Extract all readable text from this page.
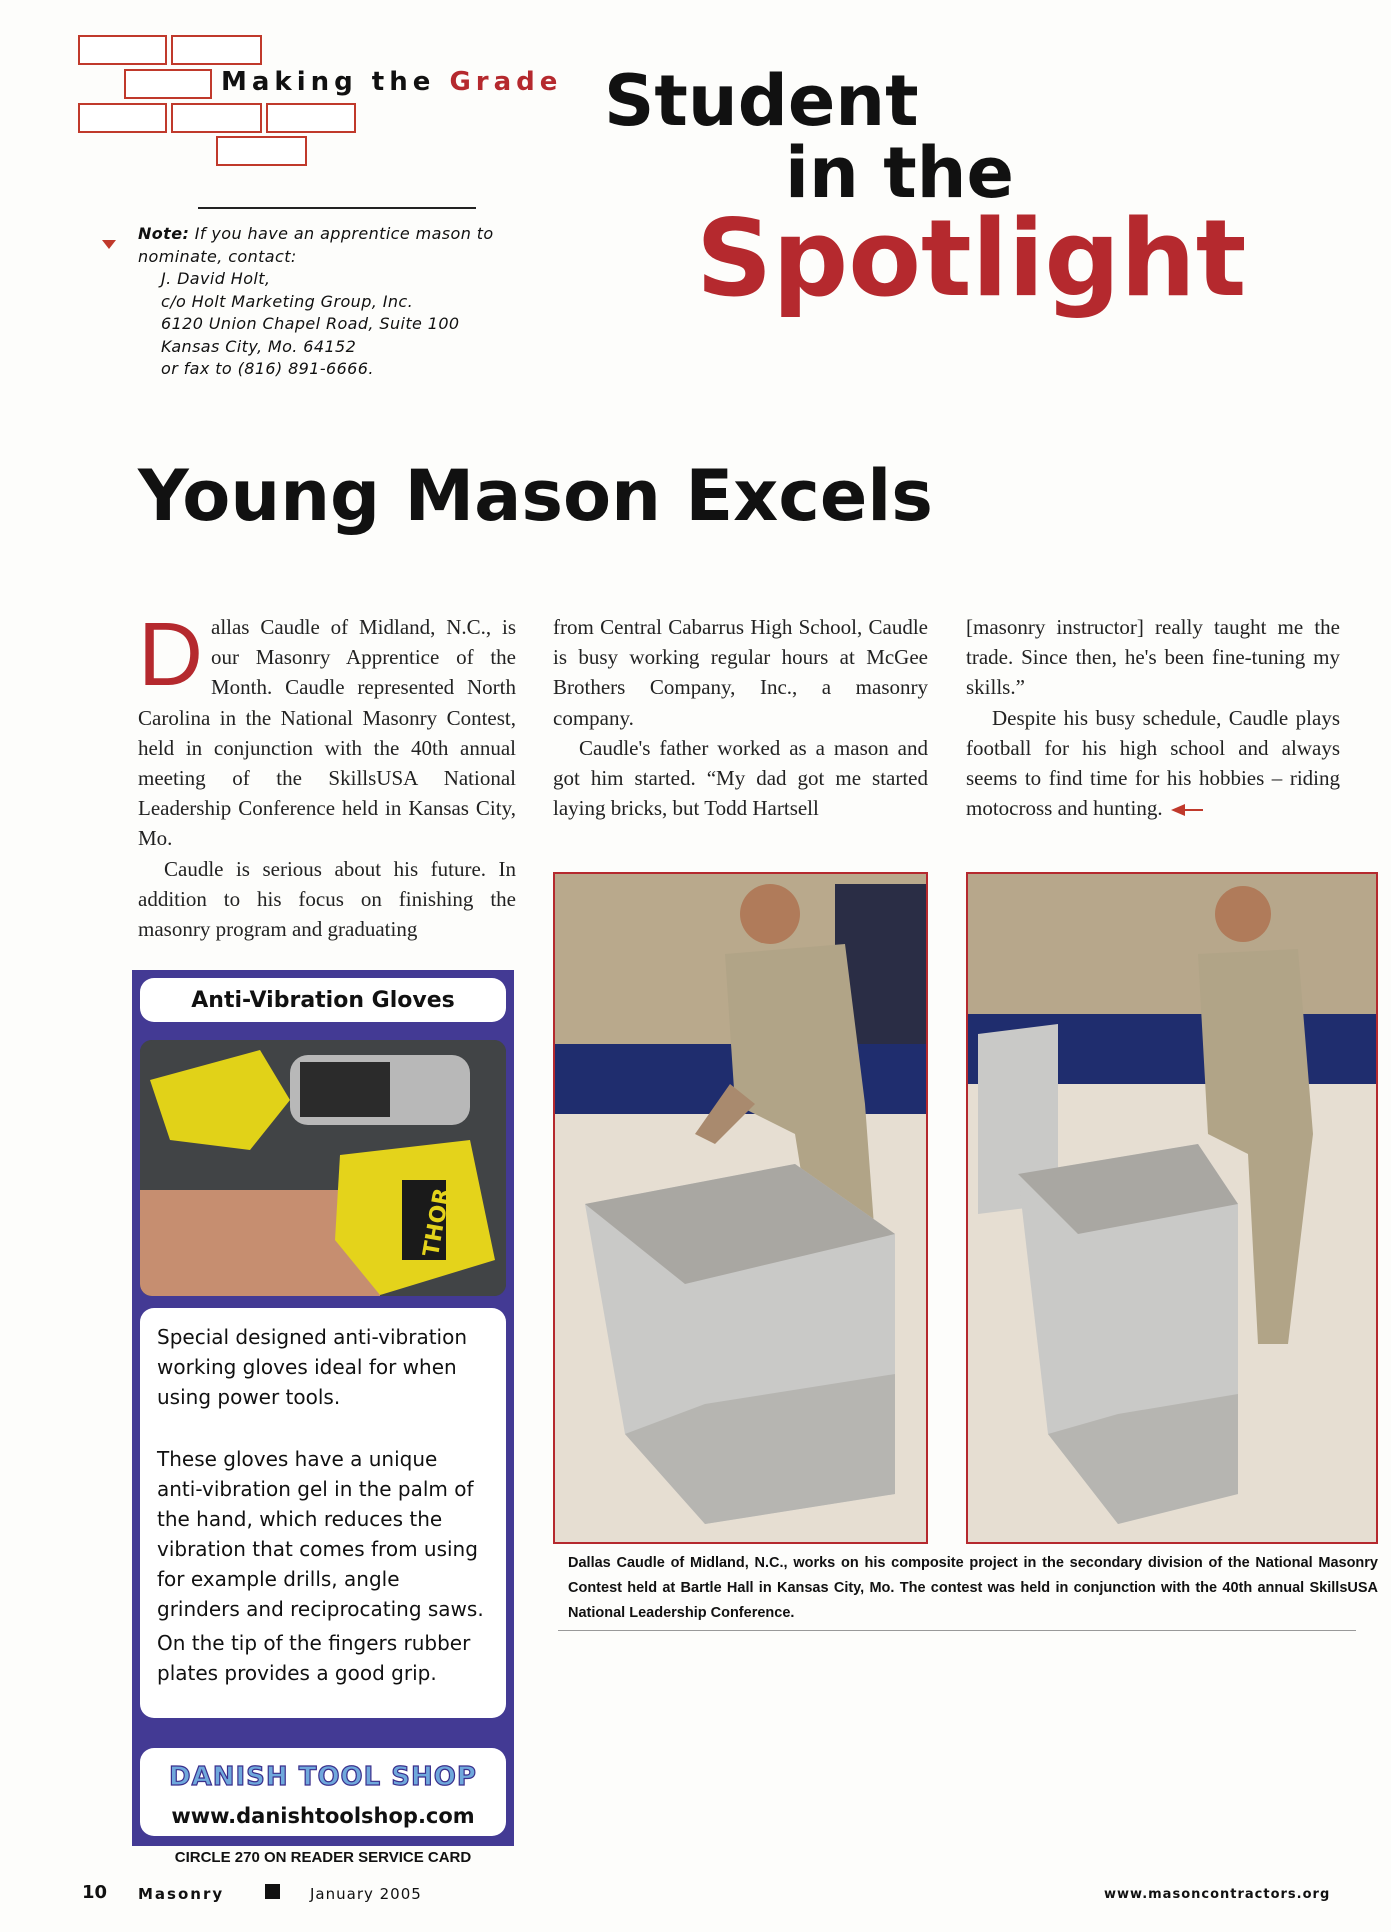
Making the Grade Student
in the
Spotlight
Note: If you have an apprentice mason to
nominate, contact:
J. David Holt,
c/o Holt Marketing Group, Inc.
6120 Union Chapel Road, Suite 100
Kansas City, Mo. 64152
or fax to (816) 891-6666.
Young Mason Excels

Dallas Caudle of Midland, N.C., is our Masonry Apprentice of the Month. Caudle represented North Carolina in the National Masonry Contest, held in conjunction with the 40th annual meeting of the SkillsUSA National Leadership Conference held in Kansas City, Mo.

Caudle is serious about his future. In addition to his focus on finishing the masonry program and graduating

from Central Cabarrus High School, Caudle is busy working regular hours at McGee Brothers Company, Inc., a masonry company.

Caudle's father worked as a mason and got him started. “My dad got me started laying bricks, but Todd Hartsell

[masonry instructor] really taught me the trade. Since then, he's been fine-tuning my skills.”

Despite his busy schedule, Caudle plays football for his high school and always seems to find time for his hobbies – riding motocross and hunting.

Dallas Caudle of Midland, N.C., works on his composite project in the secondary division of the National Masonry Contest held at Bartle Hall in Kansas City, Mo. The contest was held in conjunction with the 40th annual SkillsUSA National Leadership Conference.
Anti-Vibration Gloves
THOR
Special designed anti-vibration working gloves ideal for when using power tools.
These gloves have a unique anti-vibration gel in the palm of the hand, which reduces the vibration that comes from using for example drills, angle grinders and reciprocating saws.
On the tip of the fingers rubber plates provides a good grip.
DANISH TOOL SHOP
www.danishtoolshop.com
CIRCLE 270 ON READER SERVICE CARD
10 Masonry	January 2005	www.masoncontractors.org
